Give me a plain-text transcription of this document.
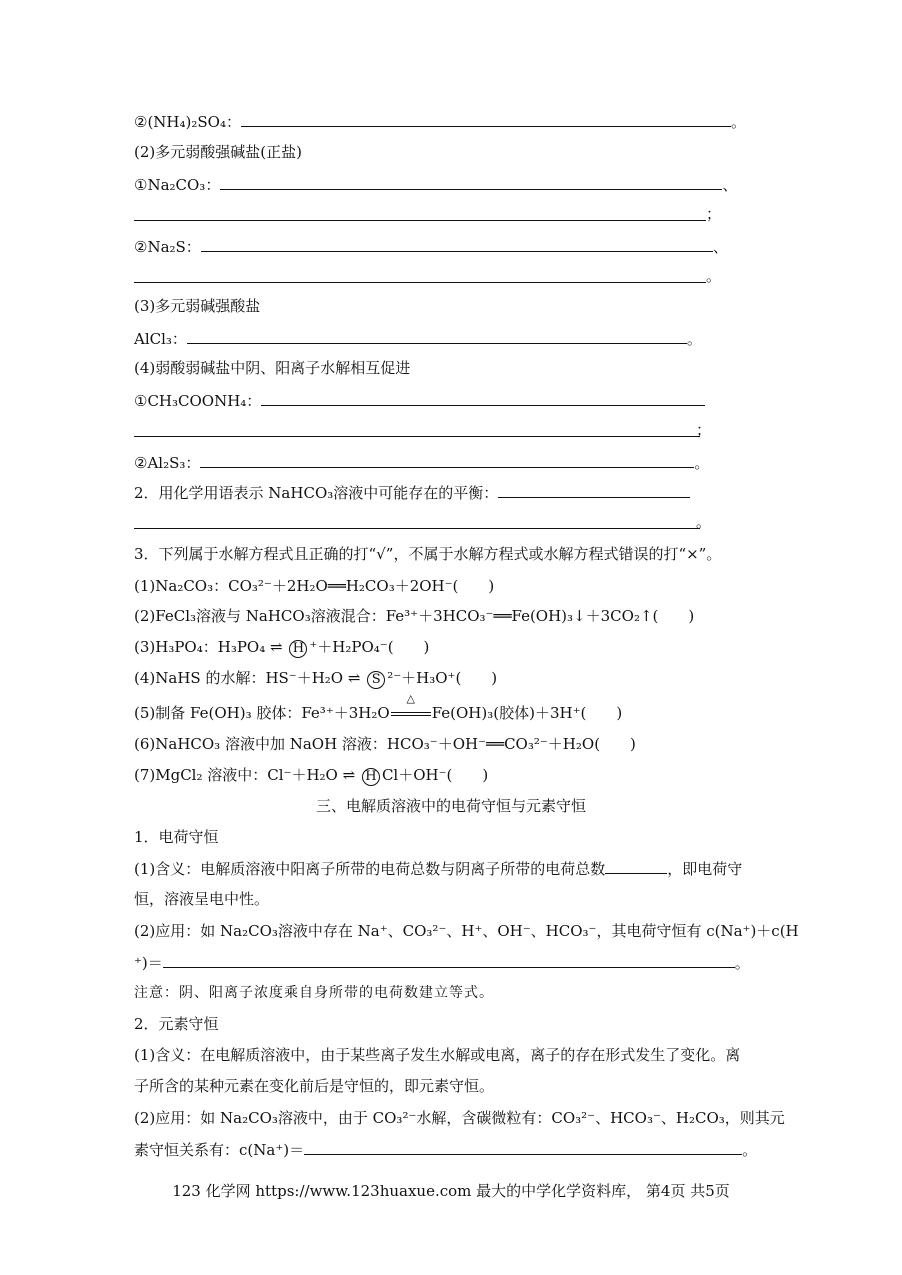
②(NH₄)₂SO₄：	。
(2)多元弱酸强碱盐(正盐)
①Na₂CO₃：	、
；
②Na₂S：	、
。
(3)多元弱碱强酸盐
AlCl₃：	。
(4)弱酸弱碱盐中阴、阳离子水解相互促进
①CH₃COONH₄：
；
②Al₂S₃：	。
2．用化学用语表示 NaHCO₃溶液中可能存在的平衡：
。
3．下列属于水解方程式且正确的打“√”，不属于水解方程式或水解方程式错误的打“×”。
(1)Na₂CO₃：CO₃²⁻＋2H₂O══H₂CO₃＋2OH⁻(　　)
(2)FeCl₃溶液与 NaHCO₃溶液混合：Fe³⁺＋3HCO₃⁻══Fe(OH)₃↓＋3CO₂↑(　　)
(3)H₃PO₄：H₃PO₄ ⇌ H ⁺＋H₂PO₄⁻(　　)
(4)NaHS 的水解：HS⁻＋H₂O ⇌ S ²⁻＋H₃O⁺(　　)
(5)制备 Fe(OH)₃ 胶体：Fe³⁺＋3H₂O
△
Fe(OH)₃(胶体)＋3H⁺(　　)
(6)NaHCO₃ 溶液中加 NaOH 溶液：HCO₃⁻＋OH⁻══CO₃²⁻＋H₂O(　　)
(7)MgCl₂ 溶液中：Cl⁻＋H₂O ⇌ H Cl＋OH⁻(　　)
三、电解质溶液中的电荷守恒与元素守恒
1．电荷守恒
(1)含义：电解质溶液中阳离子所带的电荷总数与阴离子所带的电荷总数	，即电荷守
恒，溶液呈电中性。
(2)应用：如 Na₂CO₃溶液中存在 Na⁺、CO₃²⁻、H⁺、OH⁻、HCO₃⁻，其电荷守恒有 c(Na⁺)＋c(H
⁺)＝	。
注意：阴、阳离子浓度乘自身所带的电荷数建立等式。
2．元素守恒
(1)含义：在电解质溶液中，由于某些离子发生水解或电离，离子的存在形式发生了变化。离
子所含的某种元素在变化前后是守恒的，即元素守恒。
(2)应用：如 Na₂CO₃溶液中，由于 CO₃²⁻水解，含碳微粒有：CO₃²⁻、HCO₃⁻、H₂CO₃，则其元
素守恒关系有：c(Na⁺)＝	。
123 化学网 https://www.123huaxue.com 最大的中学化学资料库， 第4页 共5页
